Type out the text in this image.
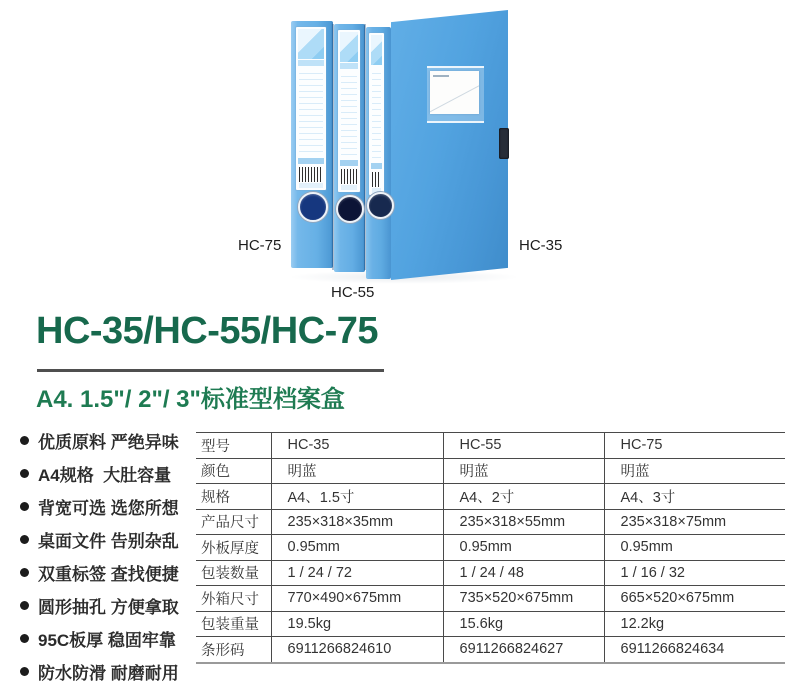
HC-75
HC-55
HC-35
HC-35/HC-55/HC-75
A4. 1.5"/ 2"/ 3"标准型档案盒
优质原料 严绝异味
A4规格  大肚容量
背宽可选 选您所想
桌面文件 告别杂乱
双重标签 查找便捷
圆形抽孔 方便拿取
95C板厚 稳固牢靠
防水防滑 耐磨耐用
型号	HC-35	HC-55	HC-75
颜色	明蓝	明蓝	明蓝
规格	A4、1.5寸	A4、2寸	A4、3寸
产品尺寸	235×318×35mm	235×318×55mm	235×318×75mm
外板厚度	0.95mm	0.95mm	0.95mm
包装数量	1 / 24 / 72	1 / 24 / 48	1 / 16 / 32
外箱尺寸	770×490×675mm	735×520×675mm	665×520×675mm
包装重量	19.5kg	15.6kg	12.2kg
条形码	6911266824610	6911266824627	6911266824634
